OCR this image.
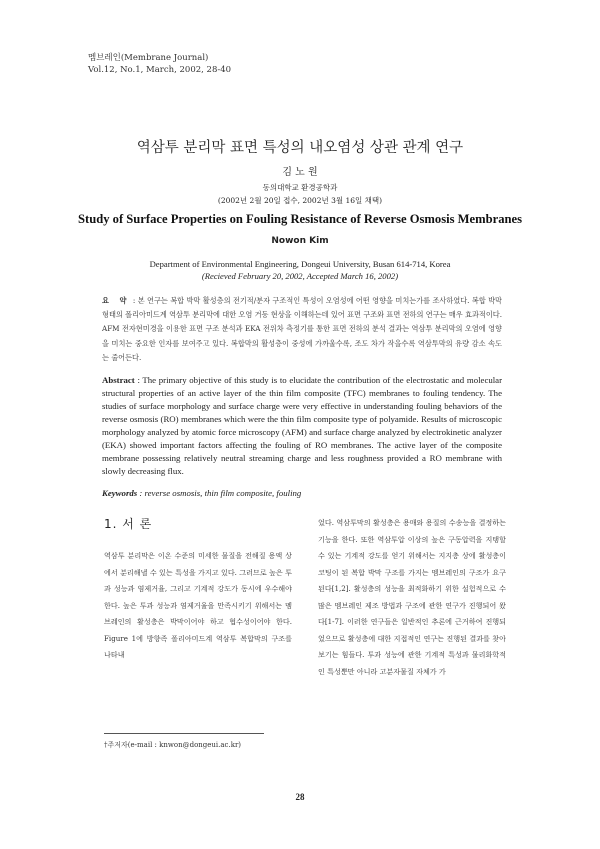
멤브레인(Membrane Journal)
Vol.12, No.1, March, 2002, 28-40
역삼투 분리막 표면 특성의 내오염성 상관 관계 연구
김 노 원
동의대학교 환경공학과
(2002년 2월 20일 접수, 2002년 3월 16일 채택)
Study of Surface Properties on Fouling Resistance of Reverse Osmosis Membranes
Nowon Kim
Department of Environmental Engineering, Dongeui University, Busan 614-714, Korea
(Recieved February 20, 2002, Accepted March 16, 2002)
요 약 : 본 연구는 복합 박막 활성층의 전기적/분자 구조적인 특성이 오염성에 어떤 영향을 미치는가를 조사하였다. 복합 박막 형태의 폴리아미드계 역삼투 분리막에 대한 오염 거동 현상을 이해하는데 있어 표면 구조와 표면 전하의 연구는 매우 효과적이다. AFM 전자현미경을 이용한 표면 구조 분석과 EKA 전위차 측정기를 통한 표면 전하의 분석 결과는 역삼투 분리막의 오염에 영향을 미치는 중요한 인자를 보여주고 있다. 복합막의 활성층이 중성에 가까울수록, 조도 차가 작을수록 역삼투막의 유량 감소 속도는 줄어든다.
Abstract : The primary objective of this study is to elucidate the contribution of the electrostatic and molecular structural properties of an active layer of the thin film composite (TFC) membranes to fouling tendency. The studies of surface morphology and surface charge were very effective in understanding fouling behaviors of the reverse osmosis (RO) membranes which were the thin film composite type of polyamide. Results of microscopic morphology analyzed by atomic force microscopy (AFM) and surface charge analyzed by electrokinetic analyzer (EKA) showed important factors affecting the fouling of RO membranes. The active layer of the composite membrane possessing relatively neutral streaming charge and less roughness provided a RO membrane with slowly decreasing flux.
Keywords : reverse osmosis, thin film composite, fouling
1. 서 론
역삼투 분리막은 이온 수준의 미세한 물질을 전해질 용액 상에서 분리해낼 수 있는 특성을 가지고 있다. 그러므로 높은 투과 성능과 염제거율, 그리고 기계적 강도가 동시에 우수해야 한다. 높은 투과 성능과 염제거율을 만족시키기 위해서는 멤브레인의 활성층은 박막이어야 하고 협수성이어야 한다. Figure 1에 방향족 폴리아미드계 역삼투 복합막의 구조를 나타내
었다. 역삼투막의 활성층은 용매와 용질의 수송능을 결정하는 기능을 한다. 또한 역삼투압 이상의 높은 구동압력을 지탱할 수 있는 기계적 강도를 얻기 위해서는 지지층 상에 활성층이 코팅이 된 복합 박막 구조를 가지는 멤브레인의 구조가 요구된다[1,2]. 활성층의 성능을 최적화하기 위한 설험적으로 수많은 멤브레인 제조 방법과 구조에 관한 연구가 진행되어 왔다[1-7]. 이러한 연구들은 일반적인 추론에 근거하여 진행되었으므로 활성층에 대한 지접적인 연구는 진행된 결과를 찾아보기는 힘들다. 투과 성능에 관한 기계적 특성과 물리화학적인 특성뿐만 아니라 고분자물질 자체가 가
†주저자(e-mail : knwon@dongeui.ac.kr)
28
